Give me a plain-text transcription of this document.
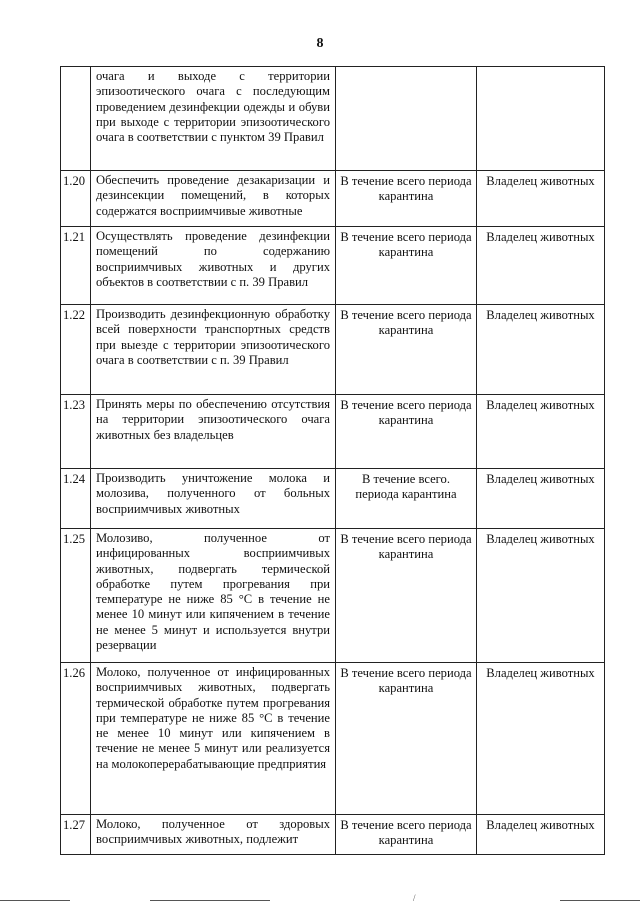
8
	очага и выходе с территории эпизоотического очага с последующим проведением дезинфекции одежды и обуви при выходе с территории эпизоотического очага в соответствии с пунктом 39 Правил		
1.20	Обеспечить проведение дезакаризации и дезинсекции помещений, в которых содержатся восприимчивые животные	В течение всего периода карантина	Владелец животных
1.21	Осуществлять проведение дезинфекции помещений по содержанию восприимчивых животных и других объектов в соответствии с п. 39 Правил	В течение всего периода карантина	Владелец животных
1.22	Производить дезинфекционную обработку всей поверхности транспортных средств при выезде с территории эпизоотического очага в соответствии с п. 39 Правил	В течение всего периода карантина	Владелец животных
1.23	Принять меры по обеспечению отсутствия на территории эпизоотического очага животных без владельцев	В течение всего периода карантина	Владелец животных
1.24	Производить уничтожение молока и молозива, полученного от больных восприимчивых животных	В течение всего. периода карантина	Владелец животных
1.25	Молозиво, полученное от инфицированных восприимчивых животных, подвергать термической обработке путем прогревания при температуре не ниже 85 °С в течение не менее 10 минут или кипячением в течение не менее 5 минут и используется внутри резервации	В течение всего периода карантина	Владелец животных
1.26	Молоко, полученное от инфицированных восприимчивых животных, подвергать термической обработке путем прогревания при температуре не ниже 85 °С в течение не менее 10 минут или кипячением в течение не менее 5 минут или реализуется на молокоперерабатывающие предприятия	В течение всего периода карантина	Владелец животных
1.27	Молоко, полученное от здоровых восприимчивых животных, подлежит	В течение всего периода карантина	Владелец животных
/
